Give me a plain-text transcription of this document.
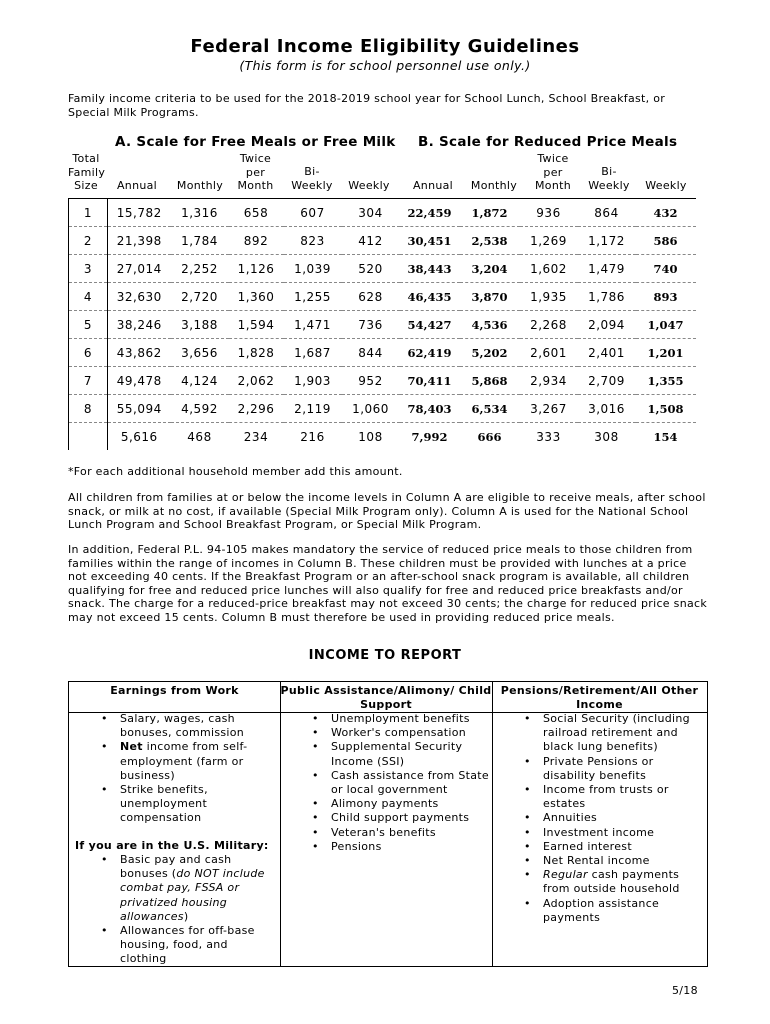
Federal Income Eligibility Guidelines
(This form is for school personnel use only.)
Family income criteria to be used for the 2018-2019 school year for School Lunch, School Breakfast, or Special Milk Programs.
A. Scale for Free Meals or Free Milk B. Scale for Reduced Price Meals
Total
Family
Size	Annual	Monthly
Twice
per
Month
Bi-
Weekly	Weekly	Annual	Monthly
Twice
per
Month
Bi-
Weekly	Weekly
1	15,782	1,316	658	607	304	22,459	1,872	936	864	432
2	21,398	1,784	892	823	412	30,451	2,538	1,269	1,172	586
3	27,014	2,252	1,126	1,039	520	38,443	3,204	1,602	1,479	740
4	32,630	2,720	1,360	1,255	628	46,435	3,870	1,935	1,786	893
5	38,246	3,188	1,594	1,471	736	54,427	4,536	2,268	2,094	1,047
6	43,862	3,656	1,828	1,687	844	62,419	5,202	2,601	2,401	1,201
7	49,478	4,124	2,062	1,903	952	70,411	5,868	2,934	2,709	1,355
8	55,094	4,592	2,296	2,119	1,060	78,403	6,534	3,267	3,016	1,508
	5,616	468	234	216	108	7,992	666	333	308	154
*For each additional household member add this amount.
All children from families at or below the income levels in Column A are eligible to receive meals, after school snack, or milk at no cost, if available (Special Milk Program only). Column A is used for the National School Lunch Program and School Breakfast Program, or Special Milk Program.
In addition, Federal P.L. 94-105 makes mandatory the service of reduced price meals to those children from families within the range of incomes in Column B. These children must be provided with lunches at a price not exceeding 40 cents. If the Breakfast Program or an after-school snack program is available, all children qualifying for free and reduced price lunches will also qualify for free and reduced price breakfasts and/or snack. The charge for a reduced-price breakfast may not exceed 30 cents; the charge for reduced price snack may not exceed 15 cents. Column B must therefore be used in providing reduced price meals.
INCOME TO REPORT
Earnings from Work
• Salary, wages, cash bonuses, commission
• Net income from self-employment (farm or business)
• Strike benefits, unemployment compensation
If you are in the U.S. Military:
• Basic pay and cash bonuses (do NOT include combat pay, FSSA or privatized housing allowances)
• Allowances for off-base housing, food, and clothing
Public Assistance/Alimony/ Child Support
• Unemployment benefits
• Worker's compensation
• Supplemental Security Income (SSI)
• Cash assistance from State or local government
• Alimony payments
• Child support payments
• Veteran's benefits
• Pensions
Pensions/Retirement/All Other Income
• Social Security (including railroad retirement and black lung benefits)
• Private Pensions or disability benefits
• Income from trusts or estates
• Annuities
• Investment income
• Earned interest
• Net Rental income
• Regular cash payments from outside household
• Adoption assistance payments
5/18
